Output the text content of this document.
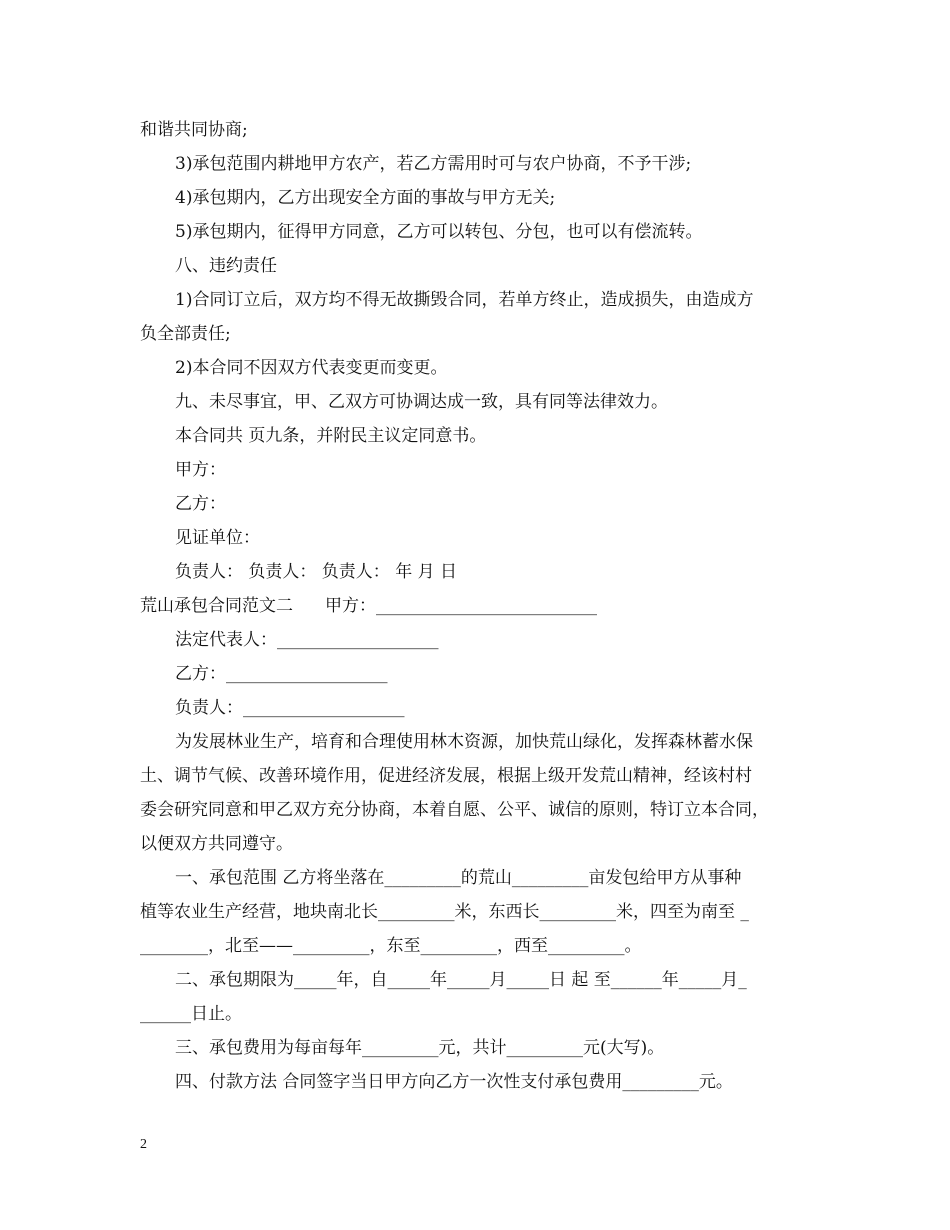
和谐共同协商;
3)承包范围内耕地甲方农产，若乙方需用时可与农户协商，不予干涉;
4)承包期内，乙方出现安全方面的事故与甲方无关;
5)承包期内，征得甲方同意，乙方可以转包、分包，也可以有偿流转。
八、违约责任
1)合同订立后，双方均不得无故撕毁合同，若单方终止，造成损失，由造成方
负全部责任;
2)本合同不因双方代表变更而变更。
九、未尽事宜，甲、乙双方可协调达成一致，具有同等法律效力。
本合同共 页九条，并附民主议定同意书。
甲方：
乙方：
见证单位：
负责人： 负责人： 负责人： 年 月 日
荒山承包合同范文二 甲方：__________________________
法定代表人：___________________
乙方：___________________
负责人：___________________
为发展林业生产，培育和合理使用林木资源，加快荒山绿化，发挥森林蓄水保
土、调节气候、改善环境作用，促进经济发展，根据上级开发荒山精神，经该村村
委会研究同意和甲乙双方充分协商，本着自愿、公平、诚信的原则，特订立本合同，
以便双方共同遵守。
一、承包范围 乙方将坐落在_________的荒山_________亩发包给甲方从事种
植等农业生产经营，地块南北长_________米，东西长_________米，四至为南至 _
________，北至——_________，东至_________，西至_________。
二、承包期限为_____年，自_____年_____月_____日 起 至______年_____月_
______日止。
三、承包费用为每亩每年_________元，共计_________元(大写)。
四、付款方法 合同签字当日甲方向乙方一次性支付承包费用_________元。
2
